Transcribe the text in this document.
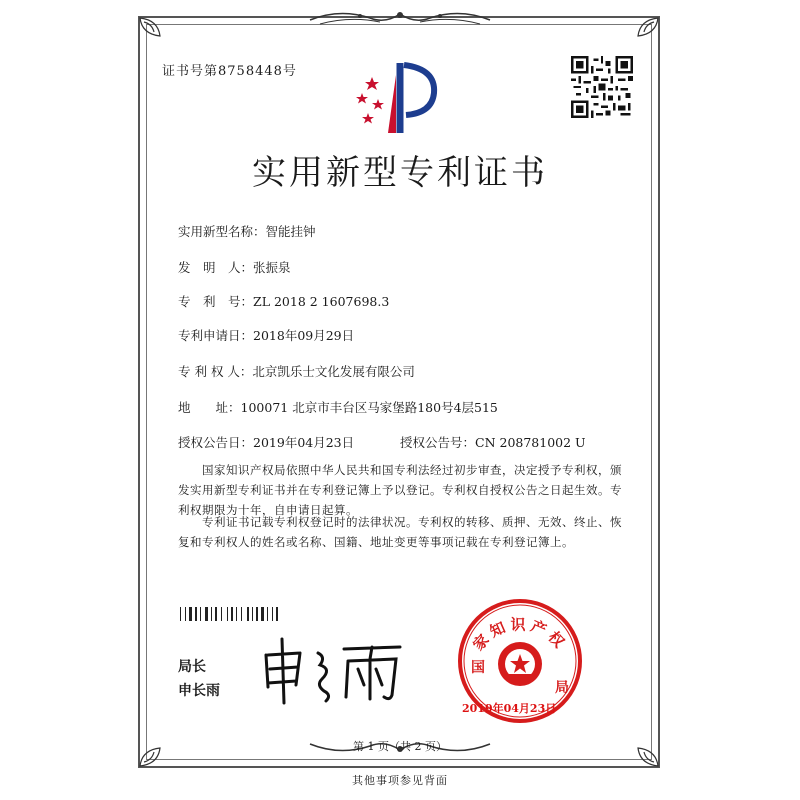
证书号第8758448号
实用新型专利证书
实用新型名称：智能挂钟
发　明　人：张振泉
专　利　号：ZL 2018 2 1607698.3
专利申请日：2018年09月29日
专 利 权 人：北京凯乐士文化发展有限公司
地　　址：100071 北京市丰台区马家堡路180号4层515
授权公告日：2019年04月23日	授权公告号：CN 208781002 U
国家知识产权局依照中华人民共和国专利法经过初步审查，决定授予专利权，颁发实用新型专利证书并在专利登记簿上予以登记。专利权自授权公告之日起生效。专利权期限为十年，自申请日起算。
专利证书记载专利权登记时的法律状况。专利权的转移、质押、无效、终止、恢复和专利权人的姓名或名称、国籍、地址变更等事项记载在专利登记簿上。
局长
申长雨
家知识产权
国
局
2019年04月23日
第 1 页（共 2 页）
其他事项参见背面
